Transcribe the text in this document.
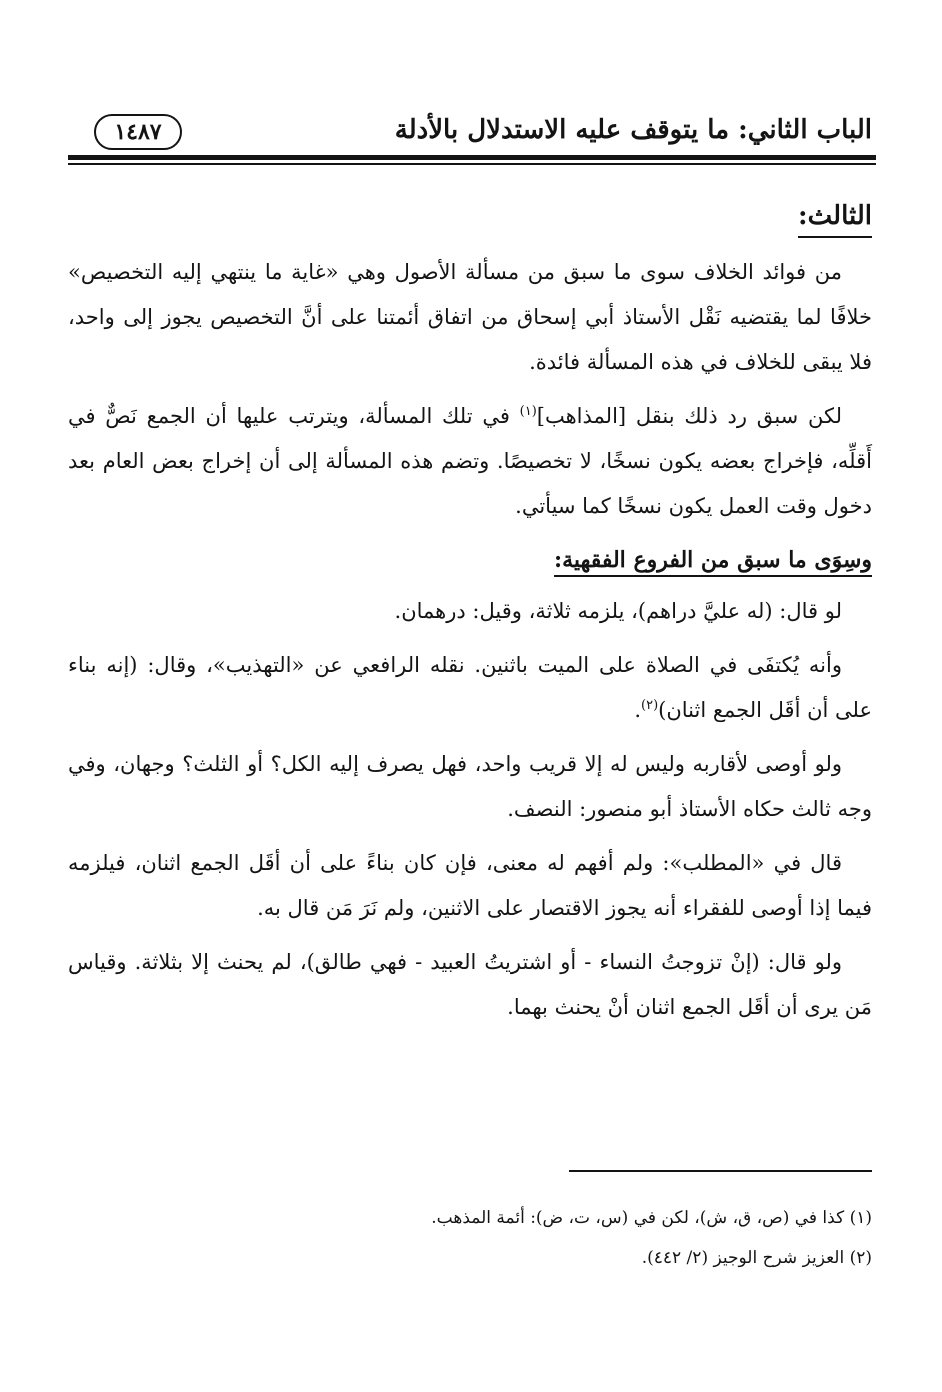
الباب الثاني: ما يتوقف عليه الاستدلال بالأدلة
١٤٨٧
الثالث:

من فوائد الخلاف سوى ما سبق من مسألة الأصول وهي «غاية ما ينتهي إليه التخصيص» خلافًا لما يقتضيه نَقْل الأستاذ أبي إسحاق من اتفاق أئمتنا على أنَّ التخصيص يجوز إلى واحد، فلا يبقى للخلاف في هذه المسألة فائدة.

لكن سبق رد ذلك بنقل [المذاهب]$^{(١)}$ في تلك المسألة، ويترتب عليها أن الجمع نَصٌّ في أَقلِّه، فإخراج بعضه يكون نسخًا، لا تخصيصًا. وتضم هذه المسألة إلى أن إخراج بعض العام بعد دخول وقت العمل يكون نسخًا كما سيأتي.

وسِوَى ما سبق من الفروع الفقهية:

لو قال: (له عليَّ دراهم)، يلزمه ثلاثة، وقيل: درهمان.

وأنه يُكتفَى في الصلاة على الميت باثنين. نقله الرافعي عن «التهذيب»، وقال: (إنه بناء على أن أقَل الجمع اثنان)$^{(٢)}$.

ولو أوصى لأقاربه وليس له إلا قريب واحد، فهل يصرف إليه الكل؟ أو الثلث؟ وجهان، وفي وجه ثالث حكاه الأستاذ أبو منصور: النصف.

قال في «المطلب»: ولم أفهم له معنى، فإن كان بناءً على أن أقَل الجمع اثنان، فيلزمه فيما إذا أوصى للفقراء أنه يجوز الاقتصار على الاثنين، ولم نَرَ مَن قال به.

ولو قال: (إنْ تزوجتُ النساء - أو اشتريتُ العبيد - فهي طالق)، لم يحنث إلا بثلاثة. وقياس مَن يرى أن أقَل الجمع اثنان أنْ يحنث بهما.

(١) كذا في (ص، ق، ش)، لكن في (س، ت، ض): أئمة المذهب.

(٢) العزيز شرح الوجيز (٢/ ٤٤٢).
